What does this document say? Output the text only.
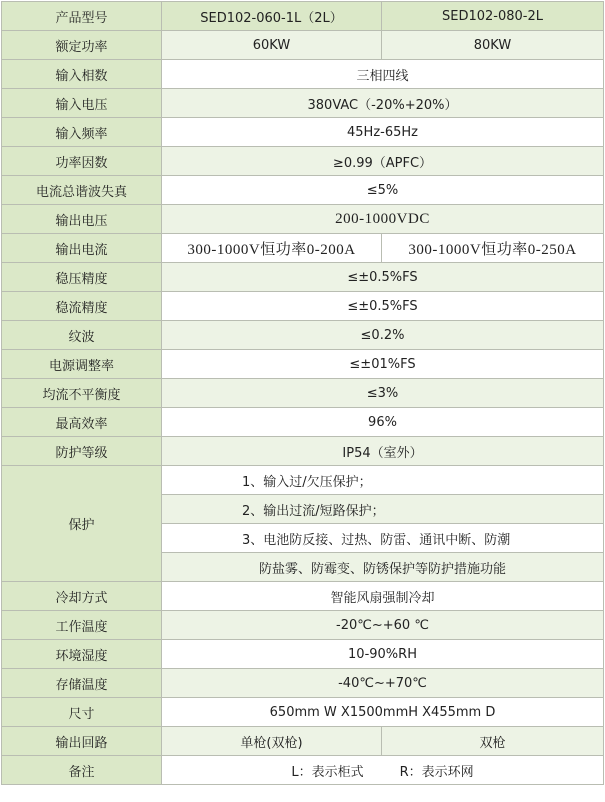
产品型号	SED102-060-1L（2L）	SED102-080-2L
额定功率	60KW	80KW
输入相数	三相四线	
输入电压	380VAC（-20%+20%）	
输入频率	45Hz-65Hz	
功率因数	≥0.99（APFC）	
电流总谐波失真	≤5%	
输出电压	200-1000VDC	
输出电流	300-1000V恒功率0-200A	300-1000V恒功率0-250A
稳压精度	≤±0.5%FS	
稳流精度	≤±0.5%FS	
纹波	≤0.2%	
电源调整率	≤±01%FS	
均流不平衡度	≤3%	
最高效率	96%	
防护等级	IP54（室外）	
保护	1、输入过/欠压保护；	
	2、输出过流/短路保护；	
	3、电池防反接、过热、防雷、通讯中断、防潮	
	防盐雾、防霉变、防锈保护等防护措施功能	
冷却方式	智能风扇强制冷却	
工作温度	-20℃~+60 ℃	
环境湿度	10-90%RH	
存储温度	-40℃~+70℃	
尺寸	650mm W X1500mmH X455mm D	
输出回路	单枪(双枪)	双枪
备注	L：表示柜式 R：表示环网	
